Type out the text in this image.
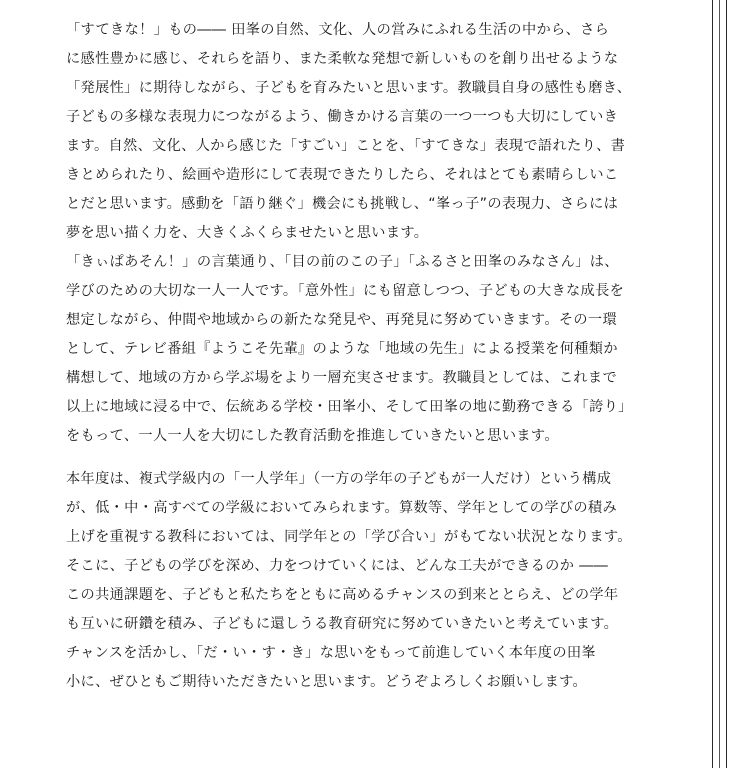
「すてきな！」もの―― 田峯の自然、文化、人の営みにふれる生活の中から、さら
に感性豊かに感じ、それらを語り、また柔軟な発想で新しいものを創り出せるような
「発展性」に期待しながら、子どもを育みたいと思います。教職員自身の感性も磨き、
子どもの多様な表現力につながるよう、働きかける言葉の一つ一つも大切にしていき
ます。自然、文化、人から感じた「すごい」ことを、「すてきな」表現で語れたり、書
きとめられたり、絵画や造形にして表現できたりしたら、それはとても素晴らしいこ
とだと思います。感動を「語り継ぐ」機会にも挑戦し、“峯っ子”の表現力、さらには
夢を思い描く力を、大きくふくらませたいと思います。
「きぃぱあそん！」の言葉通り、「目の前のこの子」「ふるさと田峯のみなさん」は、
学びのための大切な一人一人です。「意外性」にも留意しつつ、子どもの大きな成長を
想定しながら、仲間や地域からの新たな発見や、再発見に努めていきます。その一環
として、テレビ番組『ようこそ先輩』のような「地域の先生」による授業を何種類か
構想して、地域の方から学ぶ場をより一層充実させます。教職員としては、これまで
以上に地域に浸る中で、伝統ある学校・田峯小、そして田峯の地に勤務できる「誇り」
をもって、一人一人を大切にした教育活動を推進していきたいと思います。
本年度は、複式学級内の「一人学年」（一方の学年の子どもが一人だけ）という構成
が、低・中・高すべての学級においてみられます。算数等、学年としての学びの積み
上げを重視する教科においては、同学年との「学び合い」がもてない状況となります。
そこに、子どもの学びを深め、力をつけていくには、どんな工夫ができるのか ――
この共通課題を、子どもと私たちをともに高めるチャンスの到来ととらえ、どの学年
も互いに研鑽を積み、子どもに還しうる教育研究に努めていきたいと考えています。
チャンスを活かし、「だ・い・す・き」な思いをもって前進していく本年度の田峯
小に、ぜひともご期待いただきたいと思います。どうぞよろしくお願いします。
